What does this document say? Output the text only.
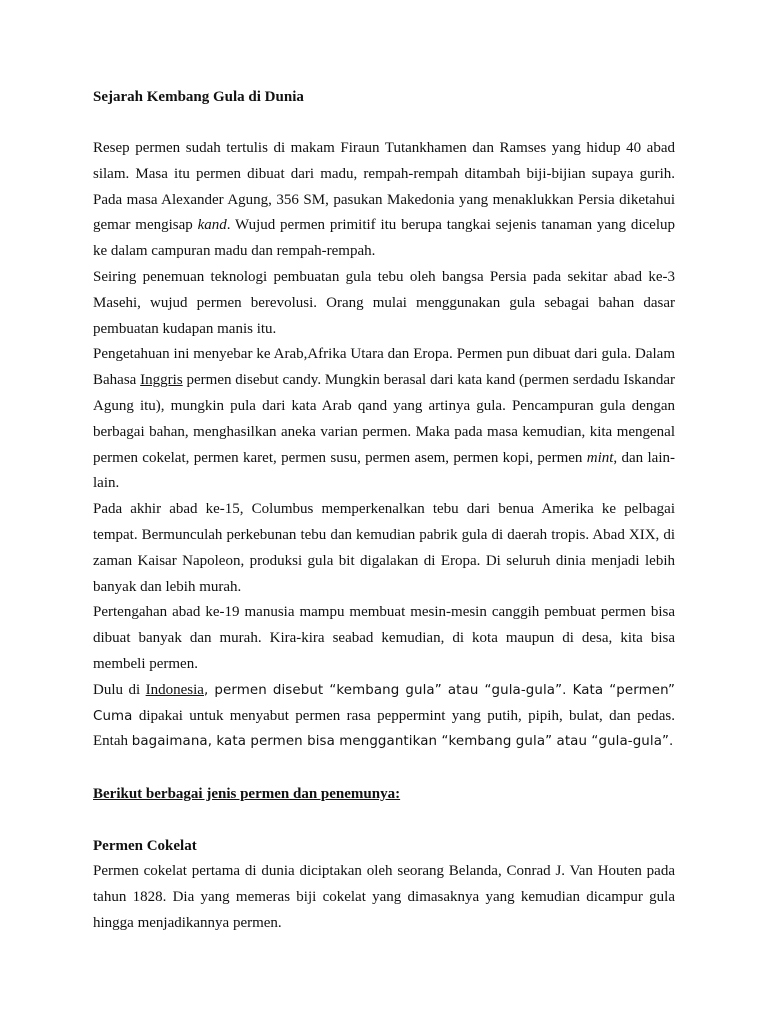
Sejarah Kembang Gula di Dunia

Resep permen sudah tertulis di makam Firaun Tutankhamen dan Ramses yang hidup 40 abad silam. Masa itu permen dibuat dari madu, rempah-rempah ditambah biji-bijian supaya gurih. Pada masa Alexander Agung, 356 SM, pasukan Makedonia yang menaklukkan Persia diketahui gemar mengisap kand. Wujud permen primitif itu berupa tangkai sejenis tanaman yang dicelup ke dalam campuran madu dan rempah-rempah.

Seiring penemuan teknologi pembuatan gula tebu oleh bangsa Persia pada sekitar abad ke-3 Masehi, wujud permen berevolusi. Orang mulai menggunakan gula sebagai bahan dasar pembuatan kudapan manis itu.

Pengetahuan ini menyebar ke Arab,Afrika Utara dan Eropa. Permen pun dibuat dari gula. Dalam Bahasa Inggris permen disebut candy. Mungkin berasal dari kata kand (permen serdadu Iskandar Agung itu), mungkin pula dari kata Arab qand yang artinya gula. Pencampuran gula dengan berbagai bahan, menghasilkan aneka varian permen. Maka pada masa kemudian, kita mengenal permen cokelat, permen karet, permen susu, permen asem, permen kopi, permen mint, dan lain-lain.

Pada akhir abad ke-15, Columbus memperkenalkan tebu dari benua Amerika ke pelbagai tempat. Bermunculah perkebunan tebu dan kemudian pabrik gula di daerah tropis. Abad XIX, di zaman Kaisar Napoleon, produksi gula bit digalakan di Eropa. Di seluruh dinia menjadi lebih banyak dan lebih murah.

Pertengahan abad ke-19 manusia mampu membuat mesin-mesin canggih pembuat permen bisa dibuat banyak dan murah. Kira-kira seabad kemudian, di kota maupun di desa, kita bisa membeli permen.

Dulu di Indonesia, permen disebut “kembang gula” atau “gula-gula”. Kata “permen” Cuma dipakai untuk menyabut permen rasa peppermint yang putih, pipih, bulat, dan pedas. Entah bagaimana, kata permen bisa menggantikan “kembang gula” atau “gula-gula”.

Berikut berbagai jenis permen dan penemunya:
Permen Cokelat

Permen cokelat pertama di dunia diciptakan oleh seorang Belanda, Conrad J. Van Houten pada tahun 1828. Dia yang memeras biji cokelat yang dimasaknya yang kemudian dicampur gula hingga menjadikannya permen.
